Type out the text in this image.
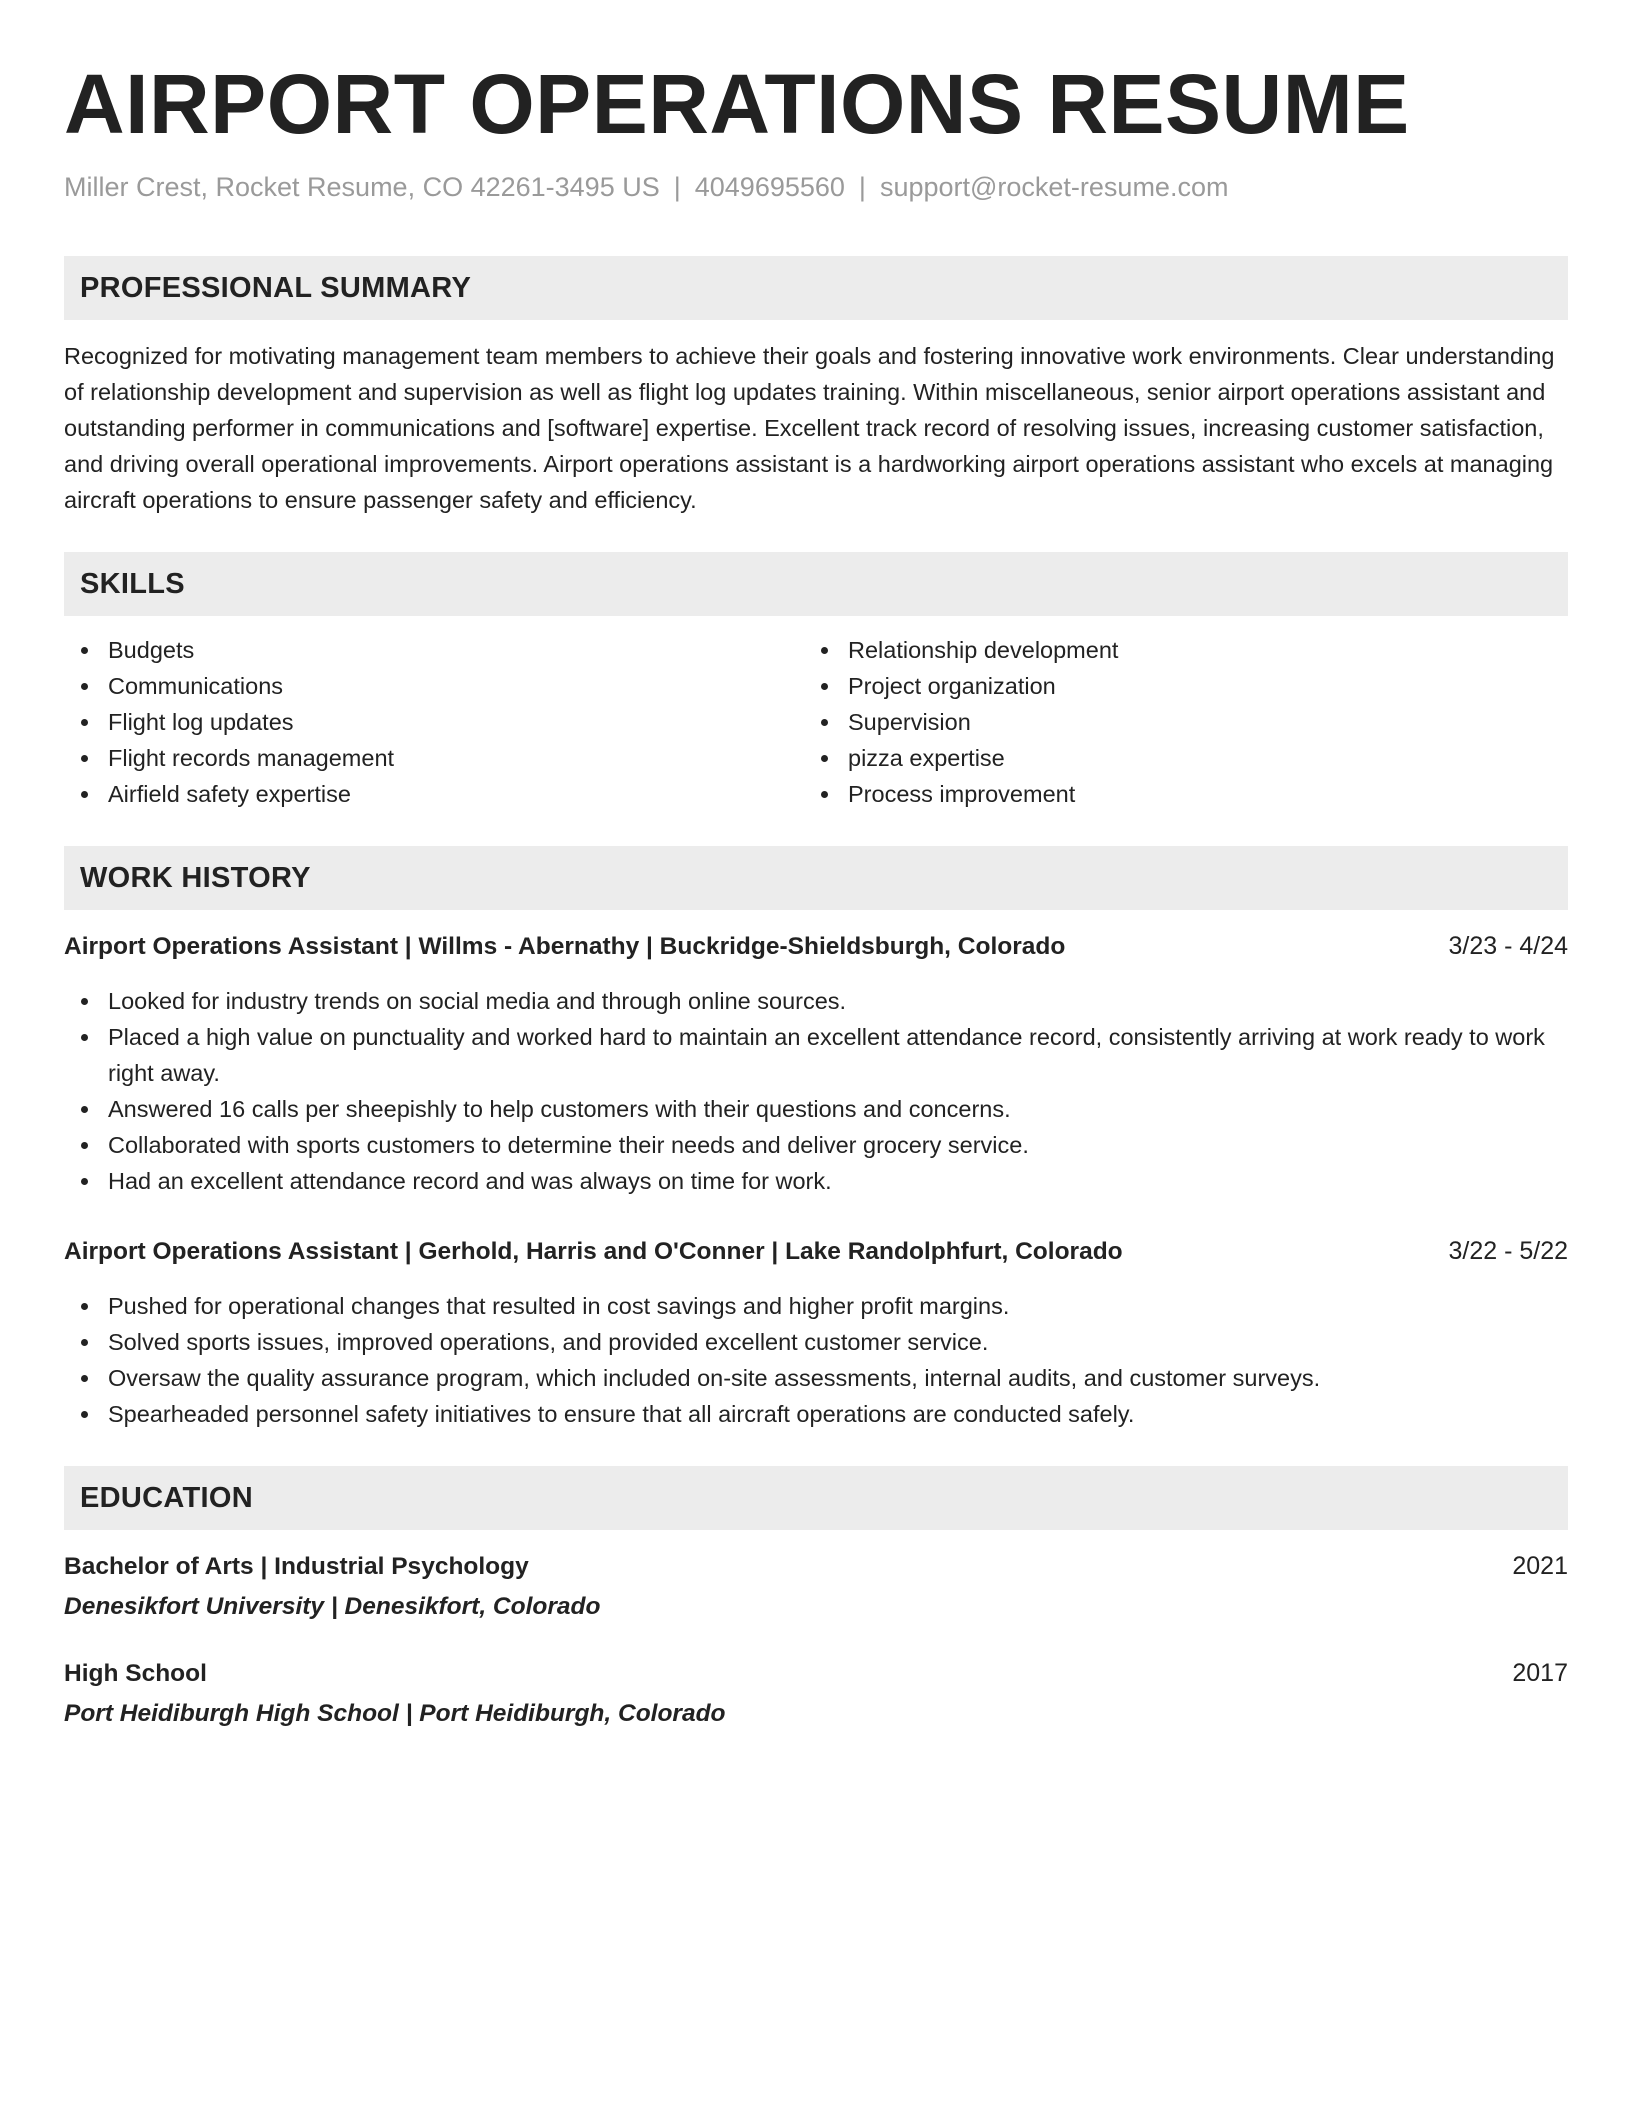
AIRPORT OPERATIONS RESUME
Miller Crest, Rocket Resume, CO 42261-3495 US | 4049695560 | support@rocket-resume.com
PROFESSIONAL SUMMARY
Recognized for motivating management team members to achieve their goals and fostering innovative work environments. Clear understanding of relationship development and supervision as well as flight log updates training. Within miscellaneous, senior airport operations assistant and outstanding performer in communications and [software] expertise. Excellent track record of resolving issues, increasing customer satisfaction, and driving overall operational improvements. Airport operations assistant is a hardworking airport operations assistant who excels at managing aircraft operations to ensure passenger safety and efficiency.
SKILLS
Budgets
Communications
Flight log updates
Flight records management
Airfield safety expertise
Relationship development
Project organization
Supervision
pizza expertise
Process improvement
WORK HISTORY
Airport Operations Assistant | Willms - Abernathy | Buckridge-Shieldsburgh, Colorado	3/23 - 4/24
Looked for industry trends on social media and through online sources.
Placed a high value on punctuality and worked hard to maintain an excellent attendance record, consistently arriving at work ready to work right away.
Answered 16 calls per sheepishly to help customers with their questions and concerns.
Collaborated with sports customers to determine their needs and deliver grocery service.
Had an excellent attendance record and was always on time for work.
Airport Operations Assistant | Gerhold, Harris and O'Conner | Lake Randolphfurt, Colorado	3/22 - 5/22
Pushed for operational changes that resulted in cost savings and higher profit margins.
Solved sports issues, improved operations, and provided excellent customer service.
Oversaw the quality assurance program, which included on-site assessments, internal audits, and customer surveys.
Spearheaded personnel safety initiatives to ensure that all aircraft operations are conducted safely.
EDUCATION
Bachelor of Arts | Industrial Psychology	2021
Denesikfort University | Denesikfort, Colorado
High School	2017
Port Heidiburgh High School | Port Heidiburgh, Colorado
